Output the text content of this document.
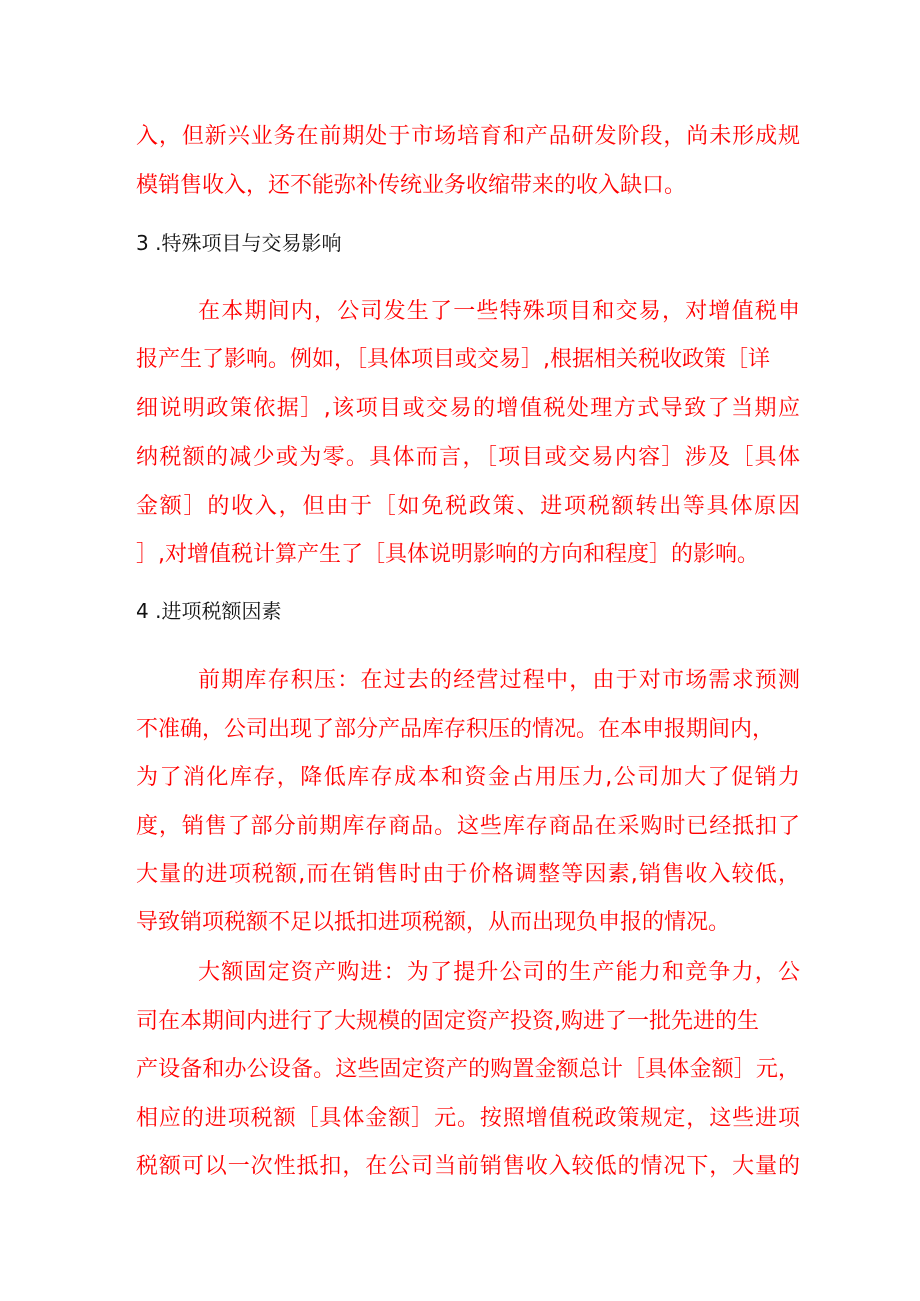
入，但新兴业务在前期处于市场培育和产品研发阶段，尚未形成规
模销售收入，还不能弥补传统业务收缩带来的收入缺口。
3 .特殊项目与交易影响
在本期间内，公司发生了一些特殊项目和交易，对增值税申
报产生了影响。例如，［具体项目或交易］,根据相关税收政策［详
细说明政策依据］,该项目或交易的增值税处理方式导致了当期应
纳税额的减少或为零。具体而言，［项目或交易内容］涉及［具体
金额］的收入，但由于［如免税政策、进项税额转出等具体原因
］,对增值税计算产生了［具体说明影响的方向和程度］的影响。
4 .进项税额因素
前期库存积压：在过去的经营过程中，由于对市场需求预测
不准确，公司出现了部分产品库存积压的情况。在本申报期间内，
为了消化库存，降低库存成本和资金占用压力,公司加大了促销力
度，销售了部分前期库存商品。这些库存商品在采购时已经抵扣了
大量的进项税额,而在销售时由于价格调整等因素,销售收入较低，
导致销项税额不足以抵扣进项税额，从而出现负申报的情况。
大额固定资产购进：为了提升公司的生产能力和竞争力，公
司在本期间内进行了大规模的固定资产投资,购进了一批先进的生
产设备和办公设备。这些固定资产的购置金额总计［具体金额］元，
相应的进项税额［具体金额］元。按照增值税政策规定，这些进项
税额可以一次性抵扣，在公司当前销售收入较低的情况下，大量的
